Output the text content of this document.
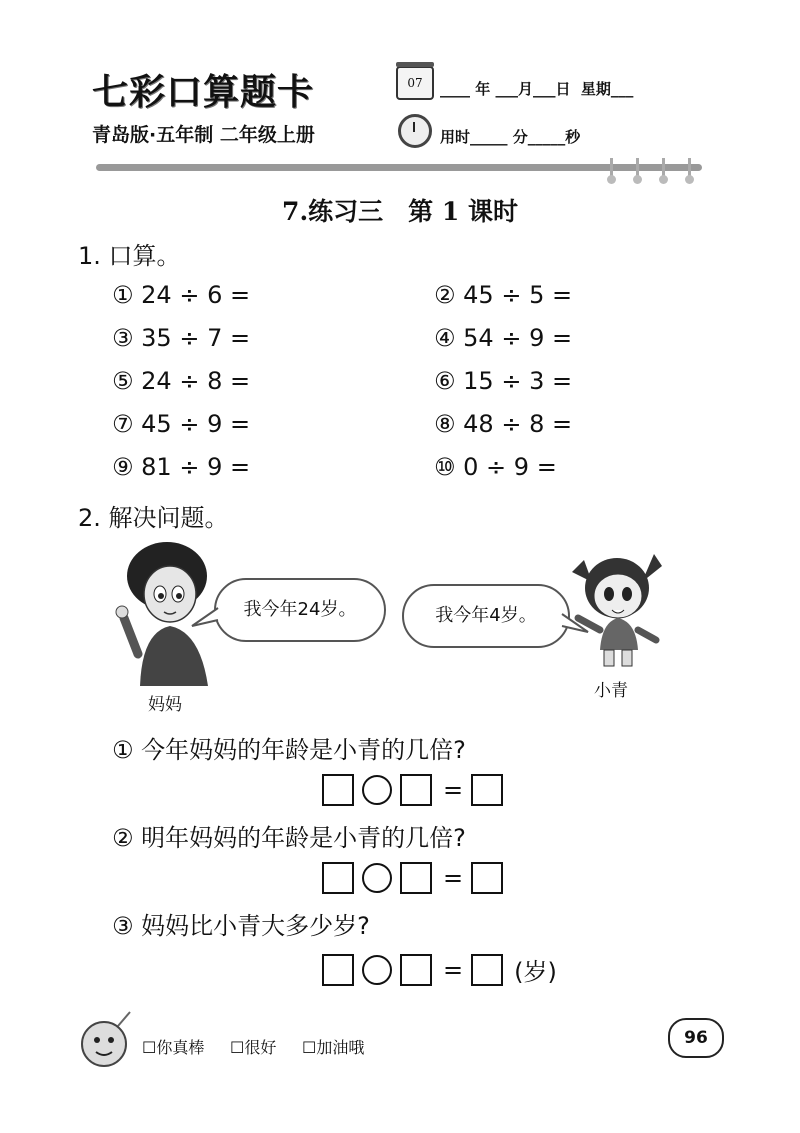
七彩口算题卡
青岛版·五年制 二年级上册
07	____ 年 ___月___日  星期___
用时_____ 分_____秒
7.练习三　第 1 课时
1. 口算。
① 24 ÷ 6 =	② 45 ÷ 5 =
③ 35 ÷ 7 =	④ 54 ÷ 9 =
⑤ 24 ÷ 8 =	⑥ 15 ÷ 3 =
⑦ 45 ÷ 9 =	⑧ 48 ÷ 8 =
⑨ 81 ÷ 9 =	⑩ 0 ÷ 9 =
2. 解决问题。
妈妈
我今年24岁。	我今年4岁。
小青
① 今年妈妈的年龄是小青的几倍?
=
② 明年妈妈的年龄是小青的几倍?
=
③ 妈妈比小青大多少岁?
= (岁)
☐你真棒 ☐很好 ☐加油哦	96
